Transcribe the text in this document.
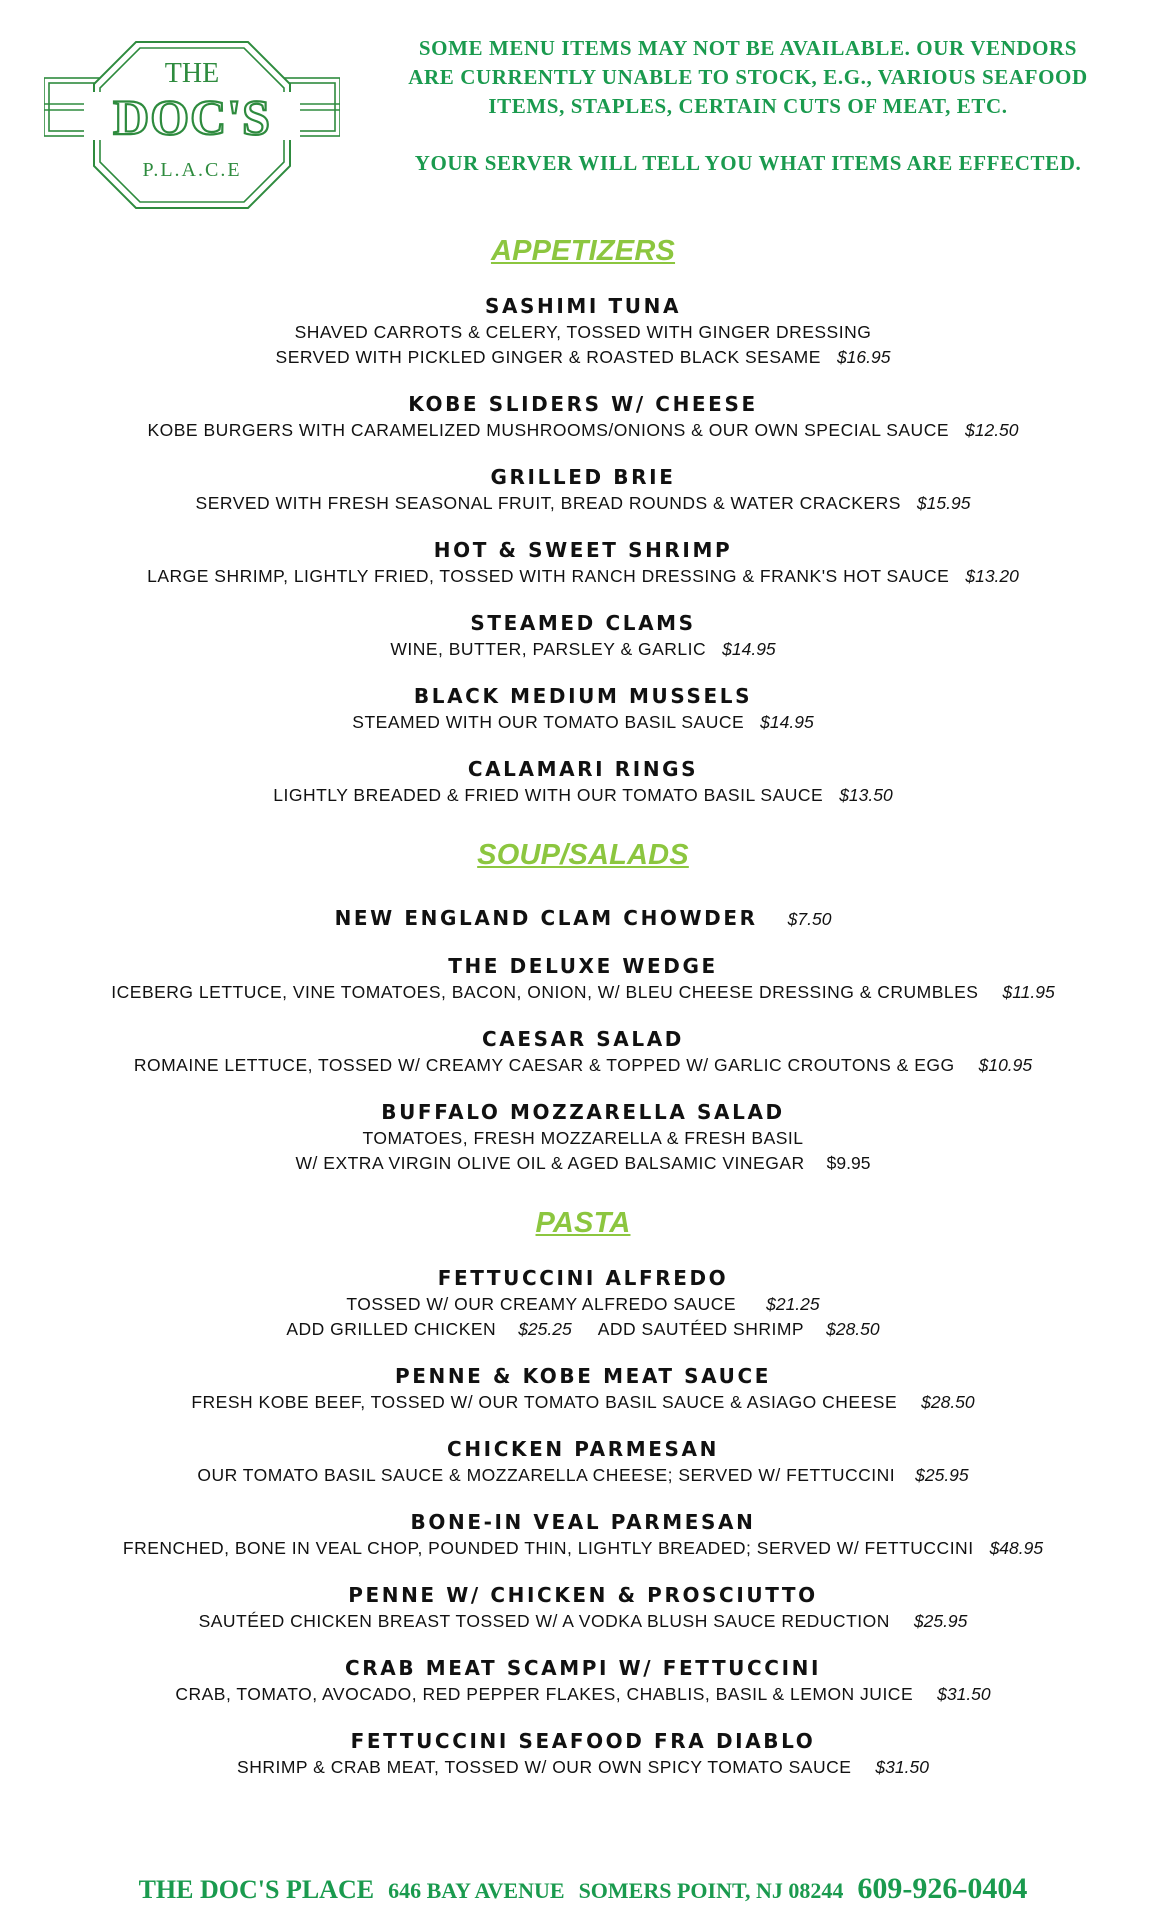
THE
DOC'S
P.L.A.C.E

SOME MENU ITEMS MAY NOT BE AVAILABLE. OUR VENDORS

ARE CURRENTLY UNABLE TO STOCK, E.G., VARIOUS SEAFOOD

ITEMS, STAPLES, CERTAIN CUTS OF MEAT, ETC.

YOUR SERVER WILL TELL YOU WHAT ITEMS ARE EFFECTED.

APPETIZERS
SASHIMI TUNA
SHAVED CARROTS & CELERY, TOSSED WITH GINGER DRESSING
SERVED WITH PICKLED GINGER & ROASTED BLACK SESAME $16.95
KOBE SLIDERS W/ CHEESE
KOBE BURGERS WITH CARAMELIZED MUSHROOMS/ONIONS & OUR OWN SPECIAL SAUCE $12.50
GRILLED BRIE
SERVED WITH FRESH SEASONAL FRUIT, BREAD ROUNDS & WATER CRACKERS $15.95
HOT & SWEET SHRIMP
LARGE SHRIMP, LIGHTLY FRIED, TOSSED WITH RANCH DRESSING & FRANK'S HOT SAUCE $13.20
STEAMED CLAMS
WINE, BUTTER, PARSLEY & GARLIC $14.95
BLACK MEDIUM MUSSELS
STEAMED WITH OUR TOMATO BASIL SAUCE $14.95
CALAMARI RINGS
LIGHTLY BREADED & FRIED WITH OUR TOMATO BASIL SAUCE $13.50
SOUP/SALADS
NEW ENGLAND CLAM CHOWDER $7.50
THE DELUXE WEDGE
ICEBERG LETTUCE, VINE TOMATOES, BACON, ONION, W/ BLEU CHEESE DRESSING & CRUMBLES $11.95
CAESAR SALAD
ROMAINE LETTUCE, TOSSED W/ CREAMY CAESAR & TOPPED W/ GARLIC CROUTONS & EGG $10.95
BUFFALO MOZZARELLA SALAD
TOMATOES, FRESH MOZZARELLA & FRESH BASIL
W/ EXTRA VIRGIN OLIVE OIL & AGED BALSAMIC VINEGAR $9.95
PASTA
FETTUCCINI ALFREDO
TOSSED W/ OUR CREAMY ALFREDO SAUCE $21.25
ADD GRILLED CHICKEN $25.25 ADD SAUTÉED SHRIMP $28.50
PENNE & KOBE MEAT SAUCE
FRESH KOBE BEEF, TOSSED W/ OUR TOMATO BASIL SAUCE & ASIAGO CHEESE $28.50
CHICKEN PARMESAN
OUR TOMATO BASIL SAUCE & MOZZARELLA CHEESE; SERVED W/ FETTUCCINI $25.95
BONE-IN VEAL PARMESAN
FRENCHED, BONE IN VEAL CHOP, POUNDED THIN, LIGHTLY BREADED; SERVED W/ FETTUCCINI $48.95
PENNE W/ CHICKEN & PROSCIUTTO
SAUTÉED CHICKEN BREAST TOSSED W/ A VODKA BLUSH SAUCE REDUCTION $25.95
CRAB MEAT SCAMPI W/ FETTUCCINI
CRAB, TOMATO, AVOCADO, RED PEPPER FLAKES, CHABLIS, BASIL & LEMON JUICE $31.50
FETTUCCINI SEAFOOD FRA DIABLO
SHRIMP & CRAB MEAT, TOSSED W/ OUR OWN SPICY TOMATO SAUCE $31.50
THE DOC'S PLACE 646 BAY AVENUE SOMERS POINT, NJ 08244 609-926-0404
